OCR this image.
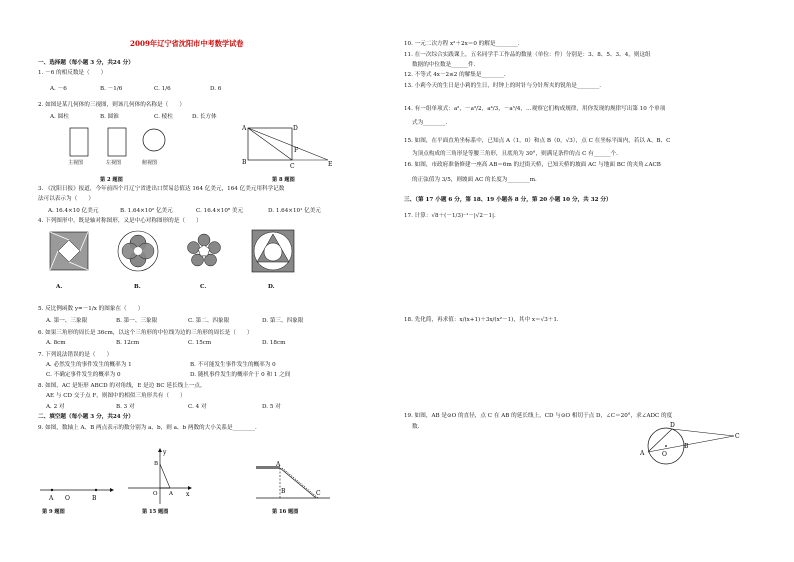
2009年辽宁省沈阳市中考数学试卷
一、选择题（每小题 3 分，共24 分）
1. －6 的相反数是（　　）
A. －6	B. －1/6	C. 1/6	D. 6
2. 如图是某几何体的三视图，则该几何体的名称是（　　）
A. 圆柱	B. 圆锥	C. 棱柱	D. 长方体
主视图	左视图	俯视图
第 2 题图
A	D
B
C
F
E
第 8 题图
3. 《沈阳日报》报道，今年前四个月辽宁省进出口贸易总值达 164 亿美元，164 亿美元用科学记数
法可以表示为（　　）
A. 16.4×10 亿美元	B. 1.64×10² 亿美元	C. 16.4×10⁸ 美元	D. 1.64×10¹ 亿美元
4. 下列图形中，既是轴对称图形，又是中心对称图形的是（　　）
A.	B.	C.	D.
5. 反比例函数 y=－1/x 的图象在（　　）
A. 第一、三象限	B. 第一、三象限	C. 第二、四象限	D. 第三、四象限
6. 如果三角形的周长是 36cm，以这个三角形的中位线为边的三角形的周长是（　　）
A. 8cm	B. 12cm	C. 15cm	D. 18cm
7. 下列说法错误的是（　　）
A. 必然发生的事件发生的概率为 1	B. 不可能发生事件发生的概率为 0
C. 不确定事件发生的概率为 0	D. 随机事件发生的概率介于 0 和 1 之间
8. 如图，AC 是矩形 ABCD 的对角线，E 是边 BC 延长线上一点，
AE 与 CD 交于点 F，则图中的相似三角形共有（　　）
A. 2 对	B. 3 对	C. 4 对	D. 5 对
二、填空题（每小题 3 分，共24 分）
9. 如图，数轴上 A、B 两点表示的数分别为 a、b，则 a、b 两数的大小关系是________.
A O	B
第 9 题图
y
x
B
A
O
第 15 题图
A
B	C
第 16 题图
10. 一元二次方程 x²＋2x＝0 的解是________.
11. 在一次综合实践课上，五名同学手工作品的数量（单位：件）分别是：3、8、5、3、4，则这组
数据的中位数是______件.
12. 不等式 4x－2≤2 的解集是________.
13. 小莉今天的生日是小莉的生日，时钟上的时针与分针所夹的锐角是________.
14. 有一组单项式：a²，－a³/2，a⁴/3，－a⁵/4，…观察它们构成规律，用你发现的规律写出第 10 个单项
式为________.
15. 如图，在平面直角坐标系中，已知点 A（1，0）和点 B（0，√3），点 C 在坐标平面内，若以 A、B、C
为顶点构成的三角形是等腰三角形，且底角为 30°，则满足条件的点 C 有______个.
16. 如图，市政府准备修建一座高 AB＝6m 的过街天桥，已知天桥的坡面 AC 与地面 BC 的夹角∠ACB
的正弦值为 3/5，则坡面 AC 的长度为________m.
三、（第 17 小题 6 分，第 18、19 小题各 8 分，第 20 小题 10 分，共 32 分）
17. 计算：√8＋(－1/3)⁻¹－|√2－1|.
18. 先化简，再求值：x/(x+1)＋3x/(x²－1)，其中 x＝√3＋1.
19. 如图，AB 是⊙O 的直径，点 C 在 AB 的延长线上，CD 与⊙O 相切于点 D，∠C＝20°，求∠ADC 的度
数.
A
D
O
B
C
